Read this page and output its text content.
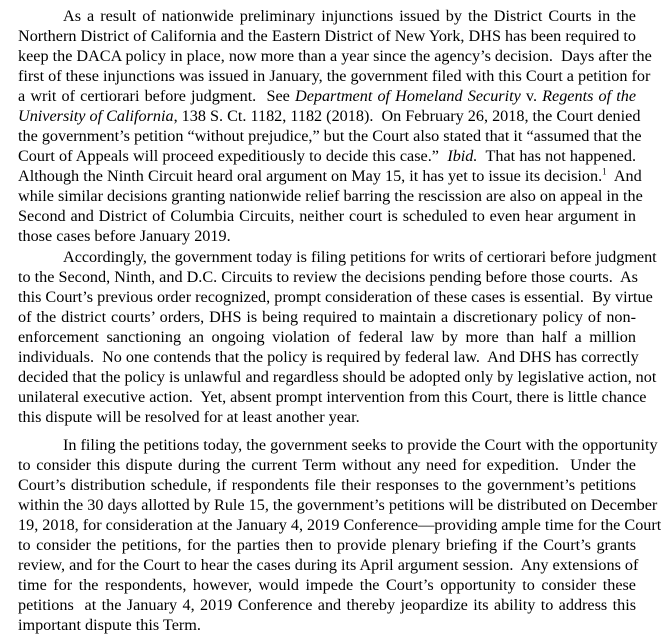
As a result of nationwide preliminary injunctions issued by the District Courts in the
Northern District of California and the Eastern District of New York, DHS has been required to
keep the DACA policy in place, now more than a year since the agency’s decision.  Days after the
first of these injunctions was issued in January, the government filed with this Court a petition for
a writ of certiorari before judgment.  See Department of Homeland Security v. Regents of the
University of California, 138 S. Ct. 1182, 1182 (2018).  On February 26, 2018, the Court denied
the government’s petition “without prejudice,” but the Court also stated that it “assumed that the
Court of Appeals will proceed expeditiously to decide this case.”  Ibid.  That has not happened.
Although the Ninth Circuit heard oral argument on May 15, it has yet to issue its decision.$^1$  And
while similar decisions granting nationwide relief barring the rescission are also on appeal in the
Second and District of Columbia Circuits, neither court is scheduled to even hear argument in
those cases before January 2019.
Accordingly, the government today is filing petitions for writs of certiorari before judgment
to the Second, Ninth, and D.C. Circuits to review the decisions pending before those courts.  As
this Court’s previous order recognized, prompt consideration of these cases is essential.  By virtue
of the district courts’ orders, DHS is being required to maintain a discretionary policy of non-
enforcement sanctioning an ongoing violation of federal law by more than half a million
individuals.  No one contends that the policy is required by federal law.  And DHS has correctly
decided that the policy is unlawful and regardless should be adopted only by legislative action, not
unilateral executive action.  Yet, absent prompt intervention from this Court, there is little chance
this dispute will be resolved for at least another year.
In filing the petitions today, the government seeks to provide the Court with the opportunity
to consider this dispute during the current Term without any need for expedition.  Under the
Court’s distribution schedule, if respondents file their responses to the government’s petitions
within the 30 days allotted by Rule 15, the government’s petitions will be distributed on December
19, 2018, for consideration at the January 4, 2019 Conference—providing ample time for the Court
to consider the petitions, for the parties then to provide plenary briefing if the Court’s grants
review, and for the Court to hear the cases during its April argument session.  Any extensions of
time for the respondents, however, would impede the Court’s opportunity to consider these
petitions  at the January 4, 2019 Conference and thereby jeopardize its ability to address this
important dispute this Term.
